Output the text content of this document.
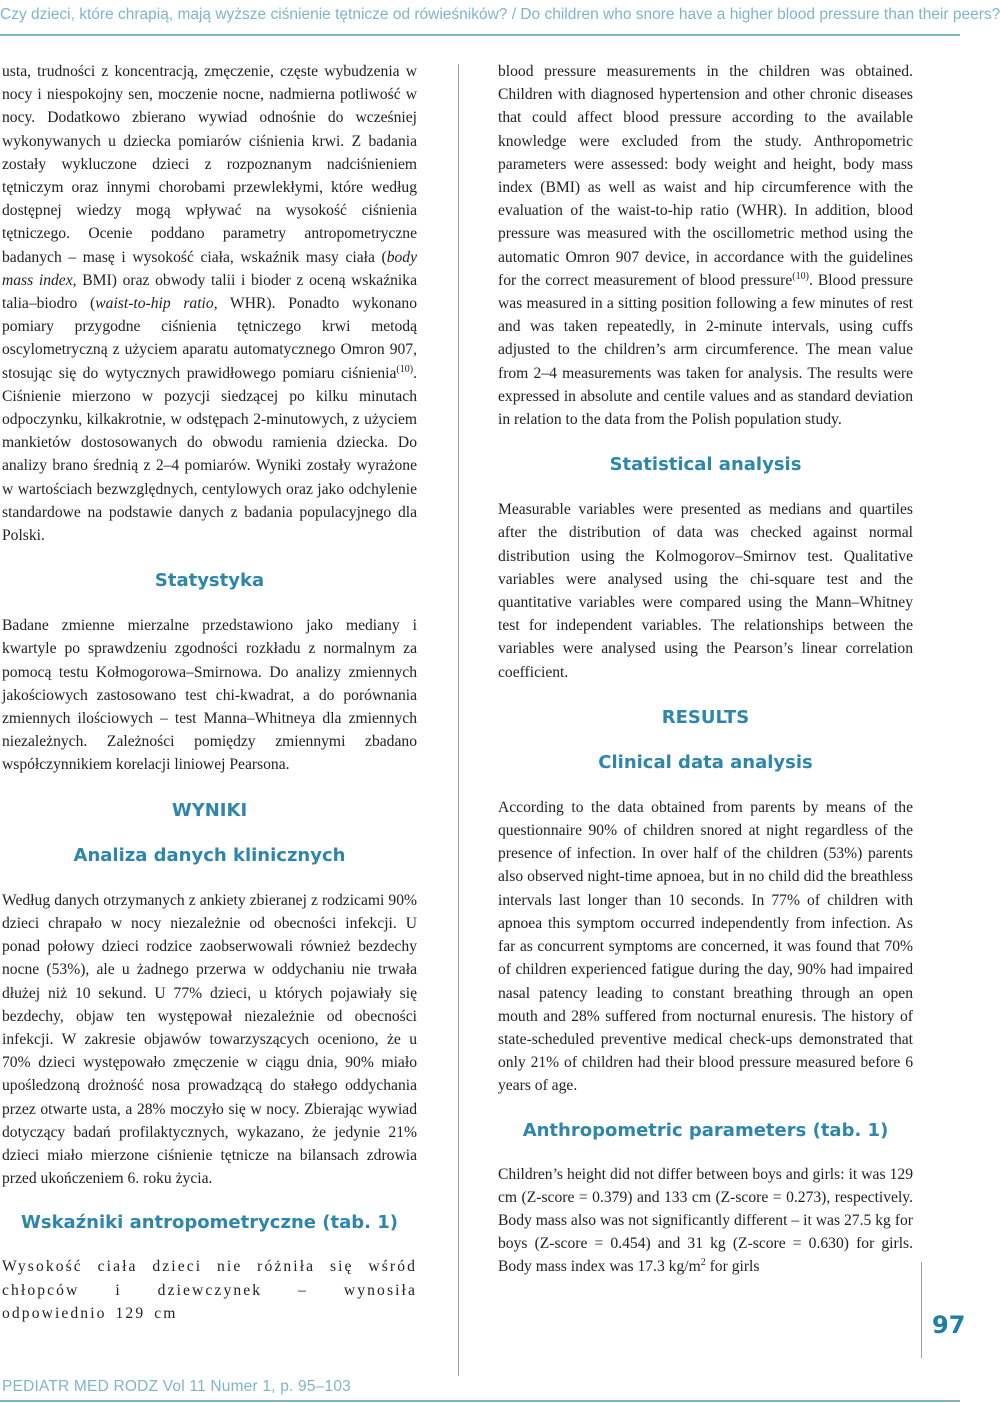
Czy dzieci, które chrapią, mają wyższe ciśnienie tętnicze od rówieśników? / Do children who snore have a higher blood pressure than their peers?

usta, trudności z koncentracją, zmęczenie, częste wybudzenia w nocy i niespokojny sen, moczenie nocne, nadmierna potliwość w nocy. Dodatkowo zbierano wywiad odnośnie do wcześniej wykonywanych u dziecka pomiarów ciśnienia krwi. Z badania zostały wykluczone dzieci z rozpoznanym nadciśnieniem tętniczym oraz innymi chorobami przewlekłymi, które według dostępnej wiedzy mogą wpływać na wysokość ciśnienia tętniczego. Ocenie poddano parametry antropometryczne badanych – masę i wysokość ciała, wskaźnik masy ciała (body mass index, BMI) oraz obwody talii i bioder z oceną wskaźnika talia–biodro (waist-to-hip ratio, WHR). Ponadto wykonano pomiary przygodne ciśnienia tętniczego krwi metodą oscylometryczną z użyciem aparatu automatycznego Omron 907, stosując się do wytycznych prawidłowego pomiaru ciśnienia$^{(10)}$. Ciśnienie mierzono w pozycji siedzącej po kilku minutach odpoczynku, kilkakrotnie, w odstępach 2-minutowych, z użyciem mankietów dostosowanych do obwodu ramienia dziecka. Do analizy brano średnią z 2–4 pomiarów. Wyniki zostały wyrażone w wartościach bezwzględnych, centylowych oraz jako odchylenie standardowe na podstawie danych z badania populacyjnego dla Polski.

Statystyka

Badane zmienne mierzalne przedstawiono jako mediany i kwartyle po sprawdzeniu zgodności rozkładu z normalnym za pomocą testu Kołmogorowa–Smirnowa. Do analizy zmiennych jakościowych zastosowano test chi-kwadrat, a do porównania zmiennych ilościowych – test Manna–Whitneya dla zmiennych niezależnych. Zależności pomiędzy zmiennymi zbadano współczynnikiem korelacji liniowej Pearsona.

WYNIKI
Analiza danych klinicznych

Według danych otrzymanych z ankiety zbieranej z rodzicami 90% dzieci chrapało w nocy niezależnie od obecności infekcji. U ponad połowy dzieci rodzice zaobserwowali również bezdechy nocne (53%), ale u żadnego przerwa w oddychaniu nie trwała dłużej niż 10 sekund. U 77% dzieci, u których pojawiały się bezdechy, objaw ten występował niezależnie od obecności infekcji. W zakresie objawów towarzyszących oceniono, że u 70% dzieci występowało zmęczenie w ciągu dnia, 90% miało upośledzoną drożność nosa prowadzącą do stałego oddychania przez otwarte usta, a 28% moczyło się w nocy. Zbierając wywiad dotyczący badań profilaktycznych, wykazano, że jedynie 21% dzieci miało mierzone ciśnienie tętnicze na bilansach zdrowia przed ukończeniem 6. roku życia.

Wskaźniki antropometryczne (tab. 1)

Wysokość ciała dzieci nie różniła się wśród chłopców i dziewczynek – wynosiła odpowiednio 129 cm

blood pressure measurements in the children was obtained. Children with diagnosed hypertension and other chronic diseases that could affect blood pressure according to the available knowledge were excluded from the study. Anthropometric parameters were assessed: body weight and height, body mass index (BMI) as well as waist and hip circumference with the evaluation of the waist-to-hip ratio (WHR). In addition, blood pressure was measured with the oscillometric method using the automatic Omron 907 device, in accordance with the guidelines for the correct measurement of blood pressure$^{(10)}$. Blood pressure was measured in a sitting position following a few minutes of rest and was taken repeatedly, in 2-minute intervals, using cuffs adjusted to the children’s arm circumference. The mean value from 2–4 measurements was taken for analysis. The results were expressed in absolute and centile values and as standard deviation in relation to the data from the Polish population study.

Statistical analysis

Measurable variables were presented as medians and quartiles after the distribution of data was checked against normal distribution using the Kolmogorov–Smirnov test. Qualitative variables were analysed using the chi-square test and the quantitative variables were compared using the Mann–Whitney test for independent variables. The relationships between the variables were analysed using the Pearson’s linear correlation coefficient.

RESULTS
Clinical data analysis

According to the data obtained from parents by means of the questionnaire 90% of children snored at night regardless of the presence of infection. In over half of the children (53%) parents also observed night-time apnoea, but in no child did the breathless intervals last longer than 10 seconds. In 77% of children with apnoea this symptom occurred independently from infection. As far as concurrent symptoms are concerned, it was found that 70% of children experienced fatigue during the day, 90% had impaired nasal patency leading to constant breathing through an open mouth and 28% suffered from nocturnal enuresis. The history of state-scheduled preventive medical check-ups demonstrated that only 21% of children had their blood pressure measured before 6 years of age.

Anthropometric parameters (tab. 1)

Children’s height did not differ between boys and girls: it was 129 cm (Z-score = 0.379) and 133 cm (Z-score = 0.273), respectively. Body mass also was not significantly different – it was 27.5 kg for boys (Z-score = 0.454) and 31 kg (Z-score = 0.630) for girls. Body mass index was 17.3 $kg/m^2$ for girls

97
PEDIATR MED RODZ Vol 11 Numer 1, p. 95–103
